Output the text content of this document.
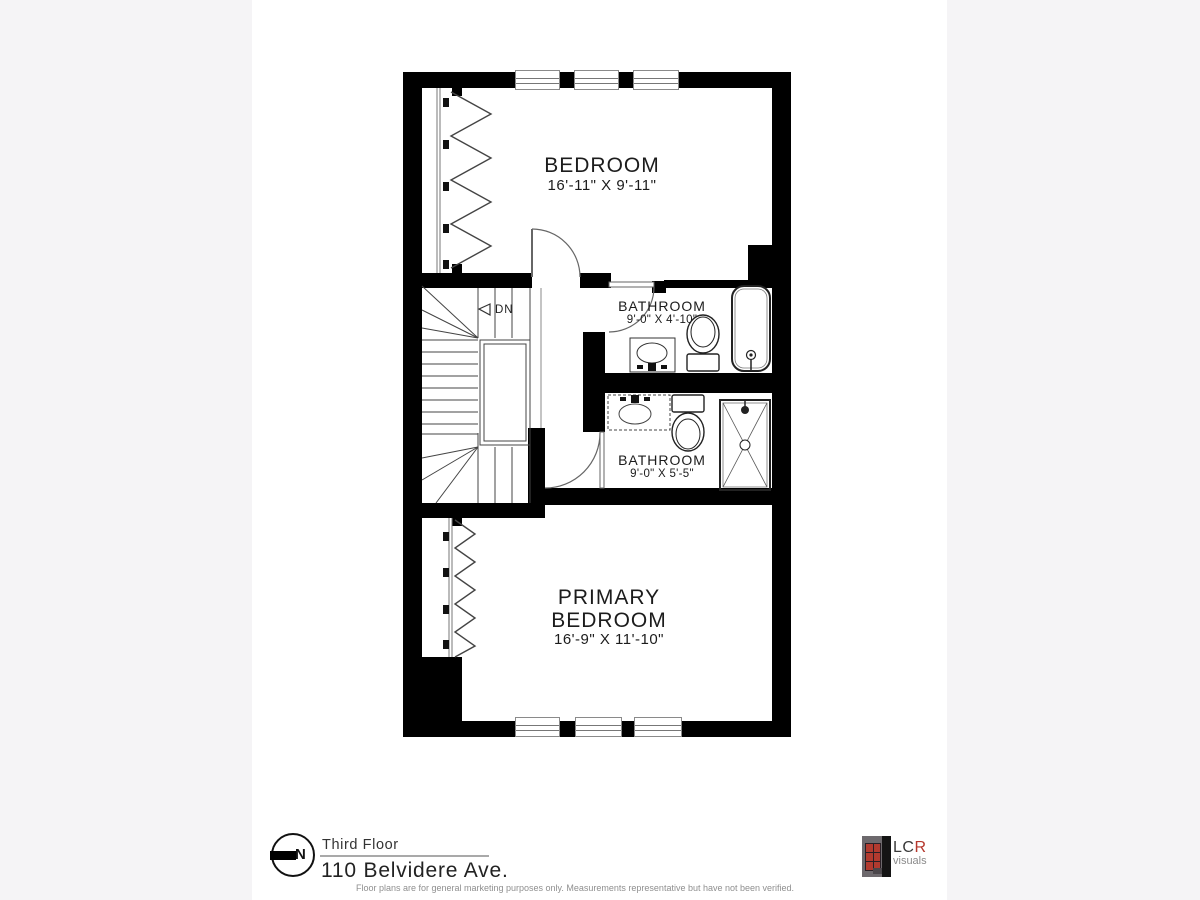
BEDROOM
16'-11" X 9'-11"
BATHROOM
9'-0" X 4'-10"
BATHROOM
9'-0" X 5'-5"
PRIMARY
BEDROOM
16'-9" X 11'-10"
DN
N
Third Floor
110 Belvidere Ave.
Floor plans are for general marketing purposes only. Measurements representative but have not been verified.
LCR
visuals
